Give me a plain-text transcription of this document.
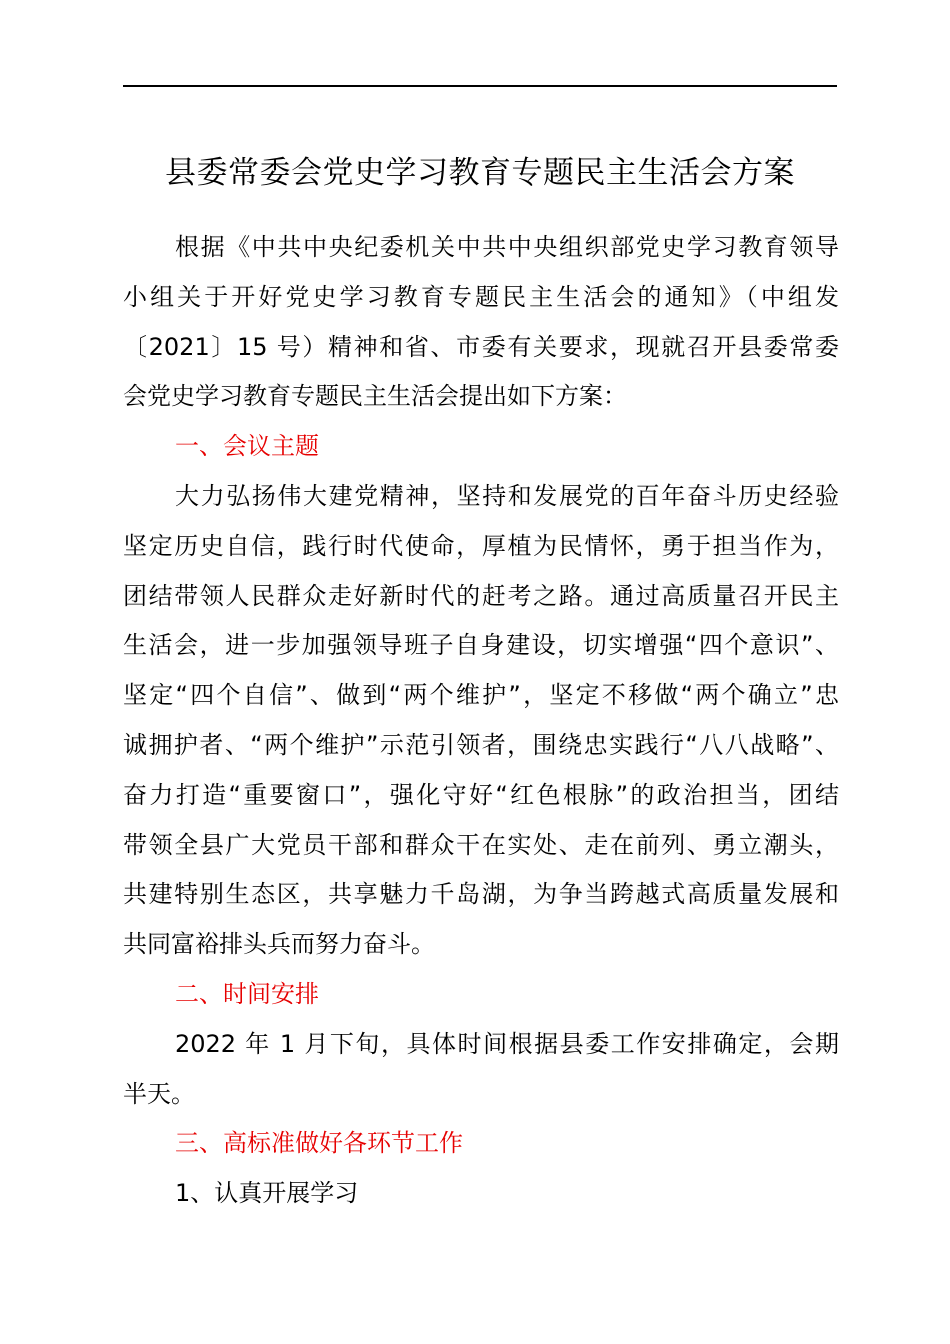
县委常委会党史学习教育专题民主生活会方案
根据《中共中央纪委机关中共中央组织部党史学习教育领导
小组关于开好党史学习教育专题民主生活会的通知》（中组发
〔2021〕15 号）精神和省、市委有关要求，现就召开县委常委
会党史学习教育专题民主生活会提出如下方案：
一、会议主题
大力弘扬伟大建党精神，坚持和发展党的百年奋斗历史经验
坚定历史自信，践行时代使命，厚植为民情怀，勇于担当作为，
团结带领人民群众走好新时代的赶考之路。通过高质量召开民主
生活会，进一步加强领导班子自身建设，切实增强“四个意识”、
坚定“四个自信”、做到“两个维护”，坚定不移做“两个确立”忠
诚拥护者、“两个维护”示范引领者，围绕忠实践行“八八战略”、
奋力打造“重要窗口”，强化守好“红色根脉”的政治担当，团结
带领全县广大党员干部和群众干在实处、走在前列、勇立潮头，
共建特别生态区，共享魅力千岛湖，为争当跨越式高质量发展和
共同富裕排头兵而努力奋斗。
二、时间安排
2022 年 1 月下旬，具体时间根据县委工作安排确定，会期
半天。
三、高标准做好各环节工作
1、认真开展学习
